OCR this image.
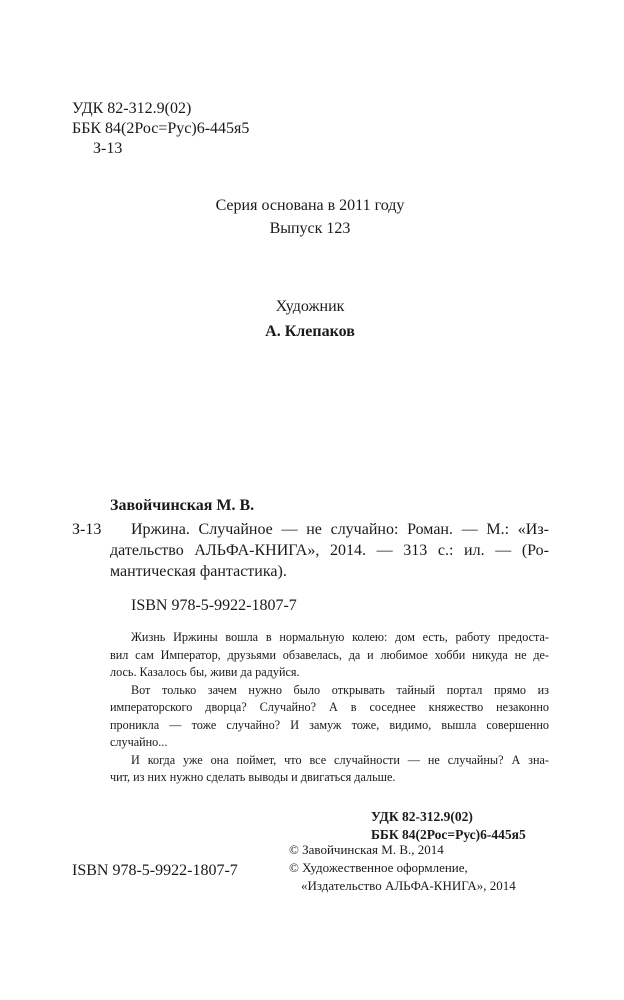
УДК 82-312.9(02)
ББК 84(2Рос=Рус)6-445я5
З-13
Серия основана в 2011 году
Выпуск 123
Художник
А. Клепаков
Завойчинская М. В.
З-13 Иржина. Случайное — не случайно: Роман. — М.: «Из-
дательство АЛЬФА-КНИГА», 2014. — 313 с.: ил. — (Ро-
мантическая фантастика).
ISBN 978-5-9922-1807-7
Жизнь Иржины вошла в нормальную колею: дом есть, работу предоста-
вил сам Император, друзьями обзавелась, да и любимое хобби никуда не де-
лось. Казалось бы, живи да радуйся.
Вот только зачем нужно было открывать тайный портал прямо из
императорского дворца? Случайно? А в соседнее княжество незаконно
проникла — тоже случайно? И замуж тоже, видимо, вышла совершенно
случайно...
И когда уже она поймет, что все случайности — не случайны? А зна-
чит, из них нужно сделать выводы и двигаться дальше.
УДК 82-312.9(02)
ББК 84(2Рос=Рус)6-445я5
ISBN 978-5-9922-1807-7
© Завойчинская М. В., 2014
© Художественное оформление,
«Издательство АЛЬФА-КНИГА», 2014
